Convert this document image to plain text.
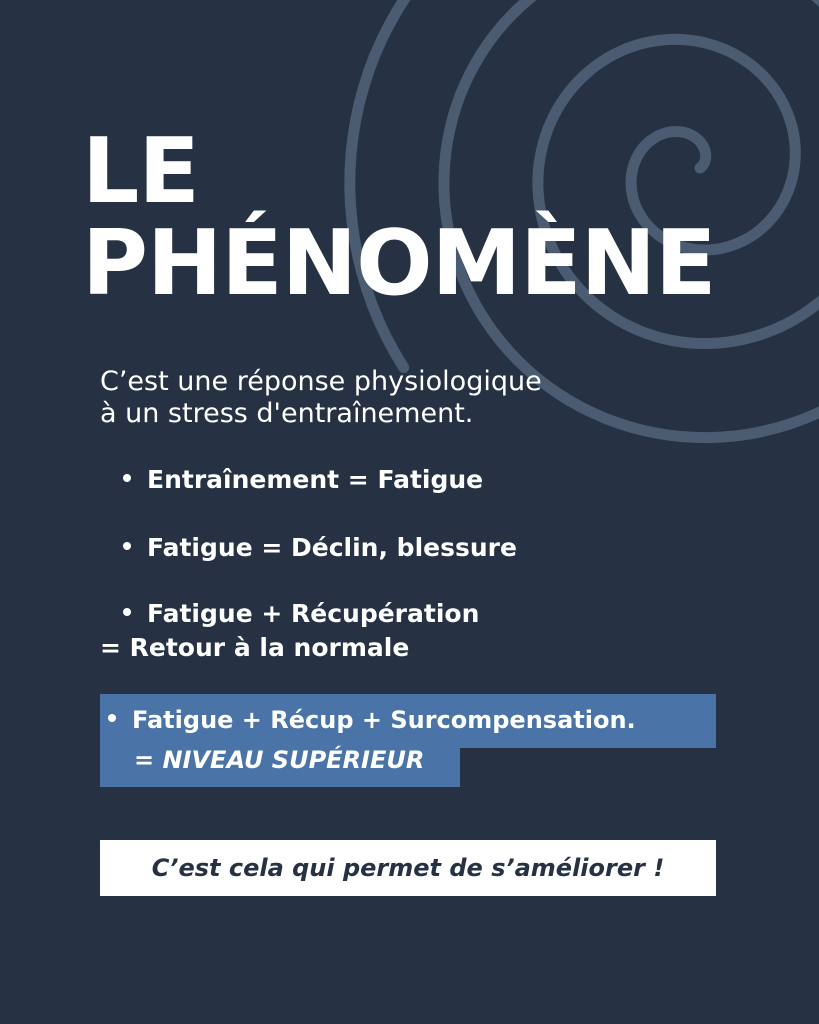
LE
PHÉNOMÈNE
C’est une réponse physiologique
à un stress d'entraînement.
Entraînement = Fatigue
Fatigue = Déclin, blessure
Fatigue + Récupération
= Retour à la normale
Fatigue + Récup + Surcompensation.
= NIVEAU SUPÉRIEUR
C’est cela qui permet de s’améliorer !
